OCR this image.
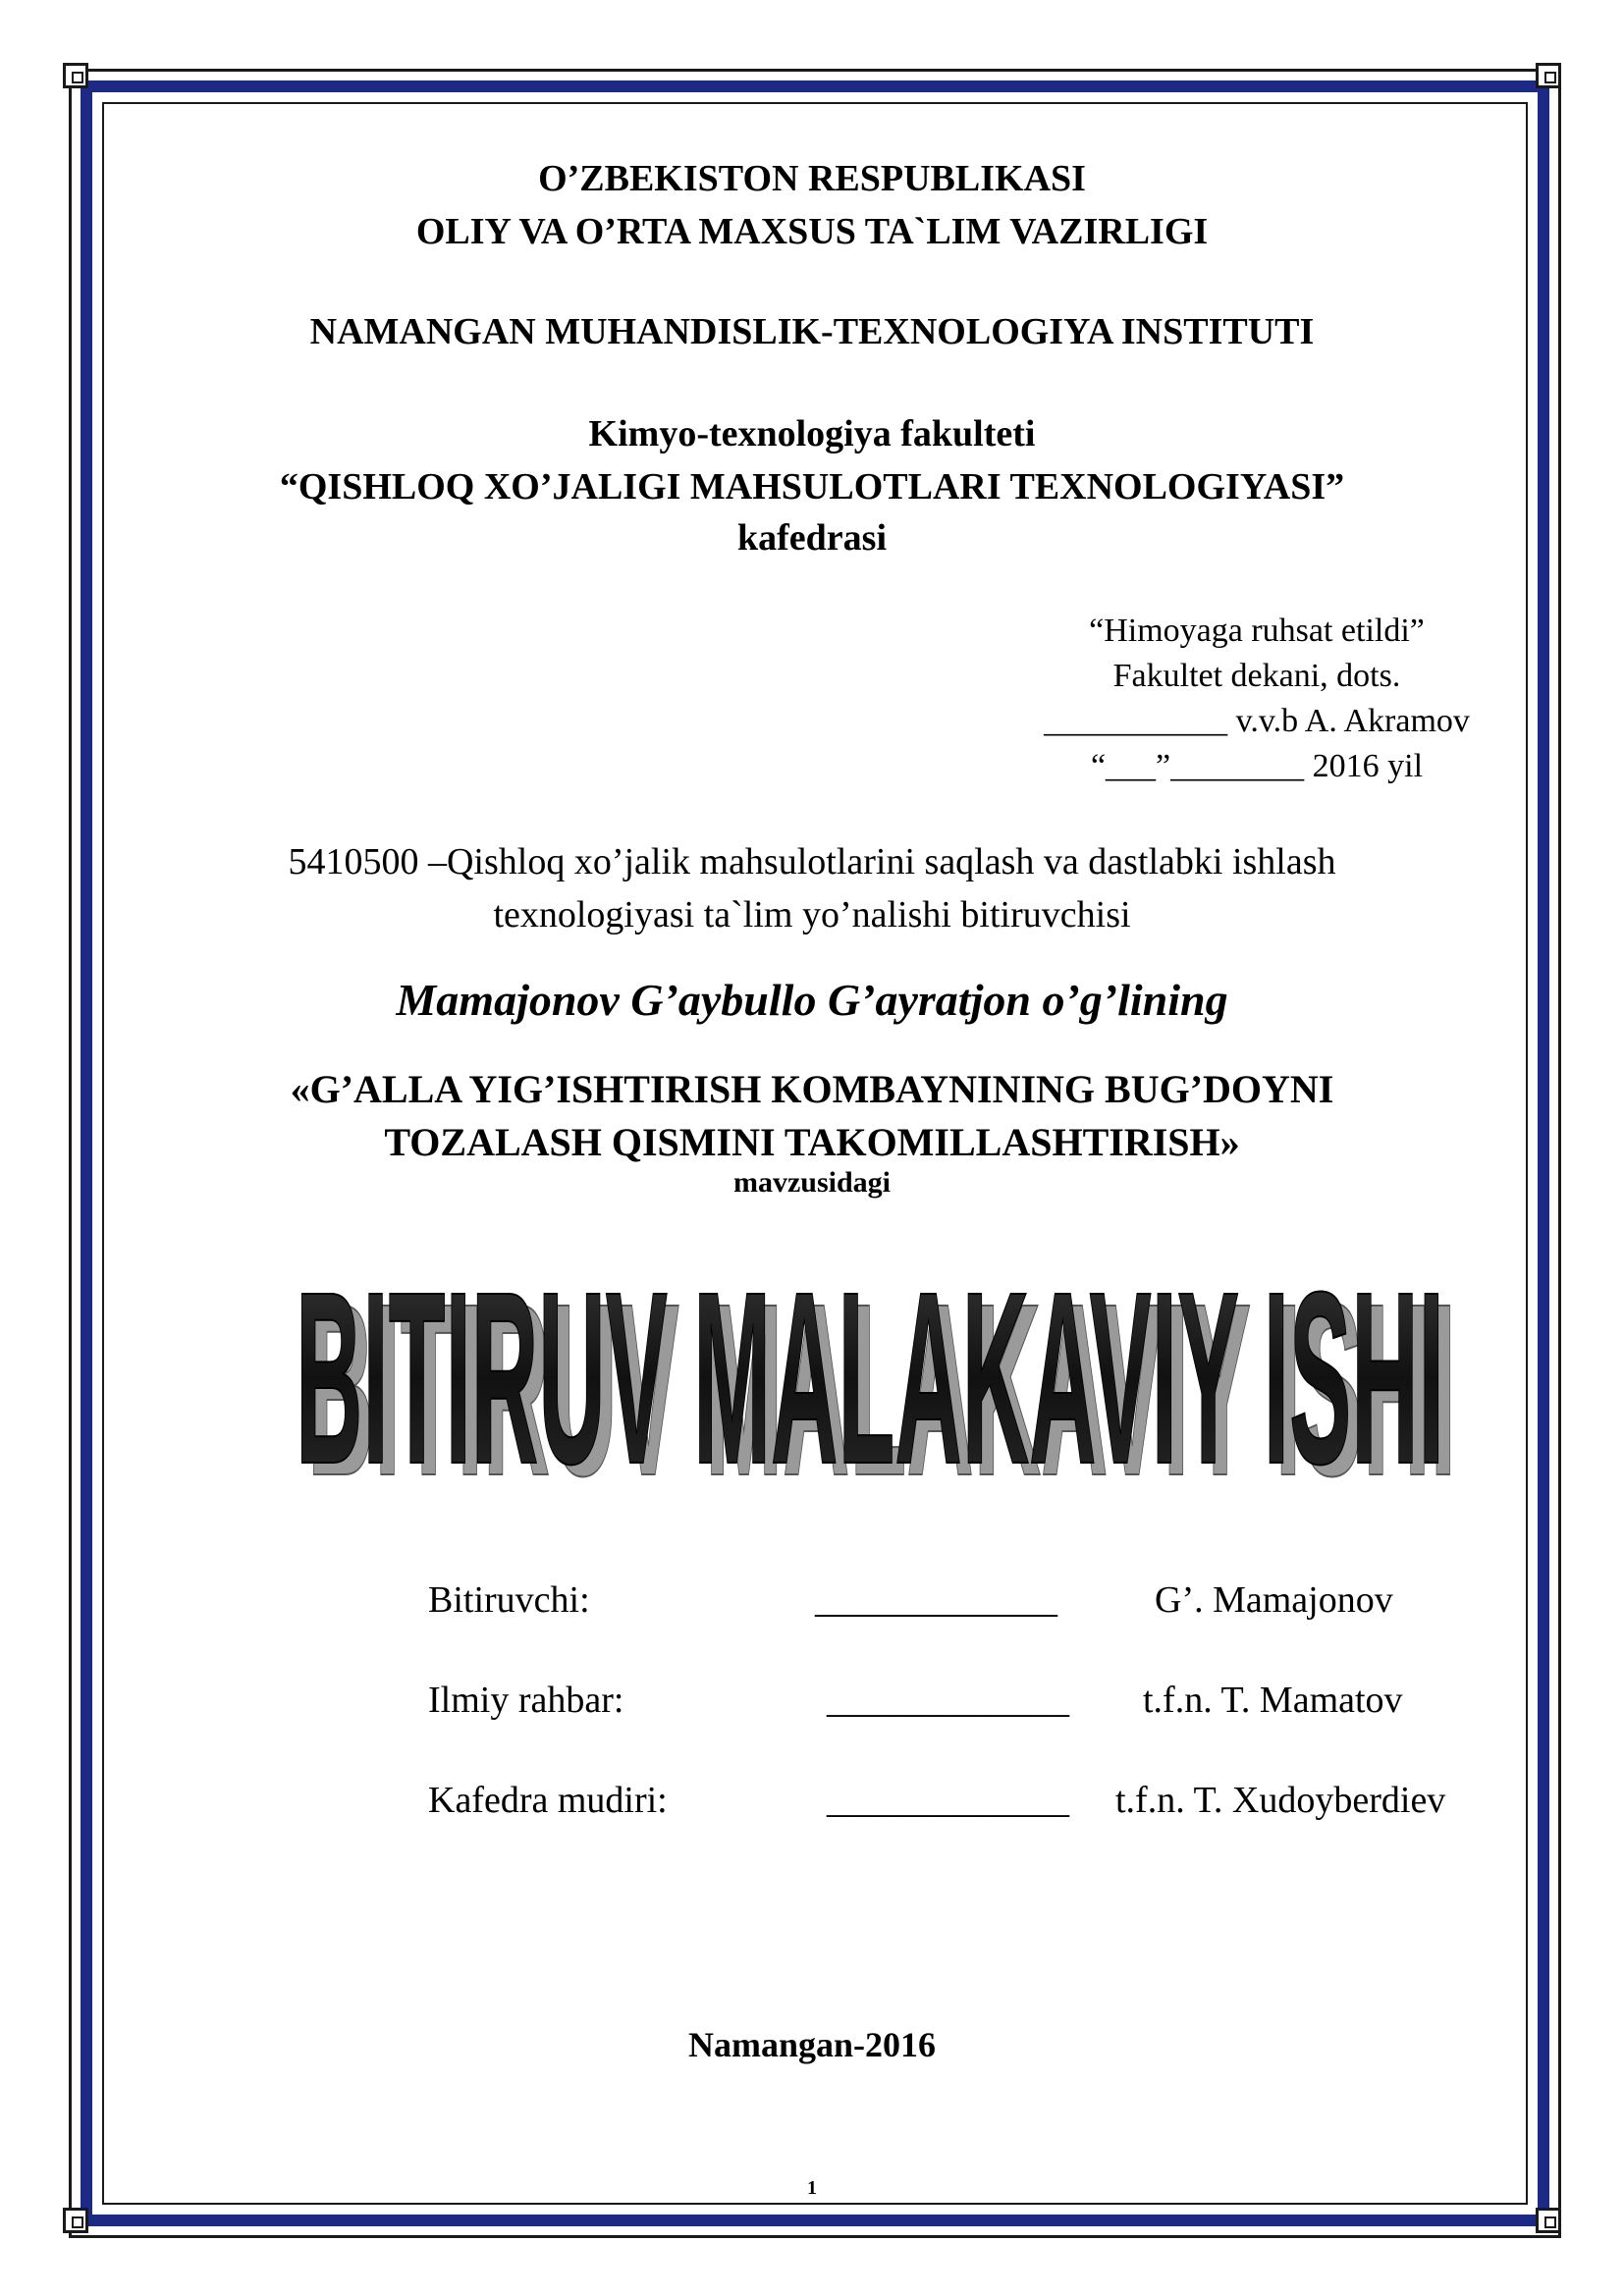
O’ZBEKISTON RESPUBLIKASI
OLIY VA O’RTA MAXSUS TA`LIM VAZIRLIGI
NAMANGAN MUHANDISLIK-TEXNOLOGIYA INSTITUTI
Kimyo-texnologiya fakulteti
“QISHLOQ XO’JALIGI MAHSULOTLARI TEXNOLOGIYASI”
kafedrasi
“Himoyaga ruhsat etildi”
Fakultet dekani, dots.
___________ v.v.b A. Akramov
“___”________ 2016 yil
5410500 –Qishloq xo’jalik mahsulotlarini saqlash va dastlabki ishlash
texnologiyasi ta`lim yo’nalishi bitiruvchisi
Mamajonov G’aybullo G’ayratjon o’g’lining
«G’ALLA YIG’ISHTIRISH KOMBAYNINING BUG’DOYNI
TOZALASH QISMINI TAKOMILLASHTIRISH»
mavzusidagi
BITIRUV MALAKAVIY ISHI
BITIRUV MALAKAVIY ISHI
Bitiruvchi:	_____________	G’. Mamajonov
Ilmiy rahbar:	_____________ t.f.n. T. Mamatov
Kafedra mudiri:	_____________ t.f.n. T. Xudoyberdiev
Namangan-2016
1
